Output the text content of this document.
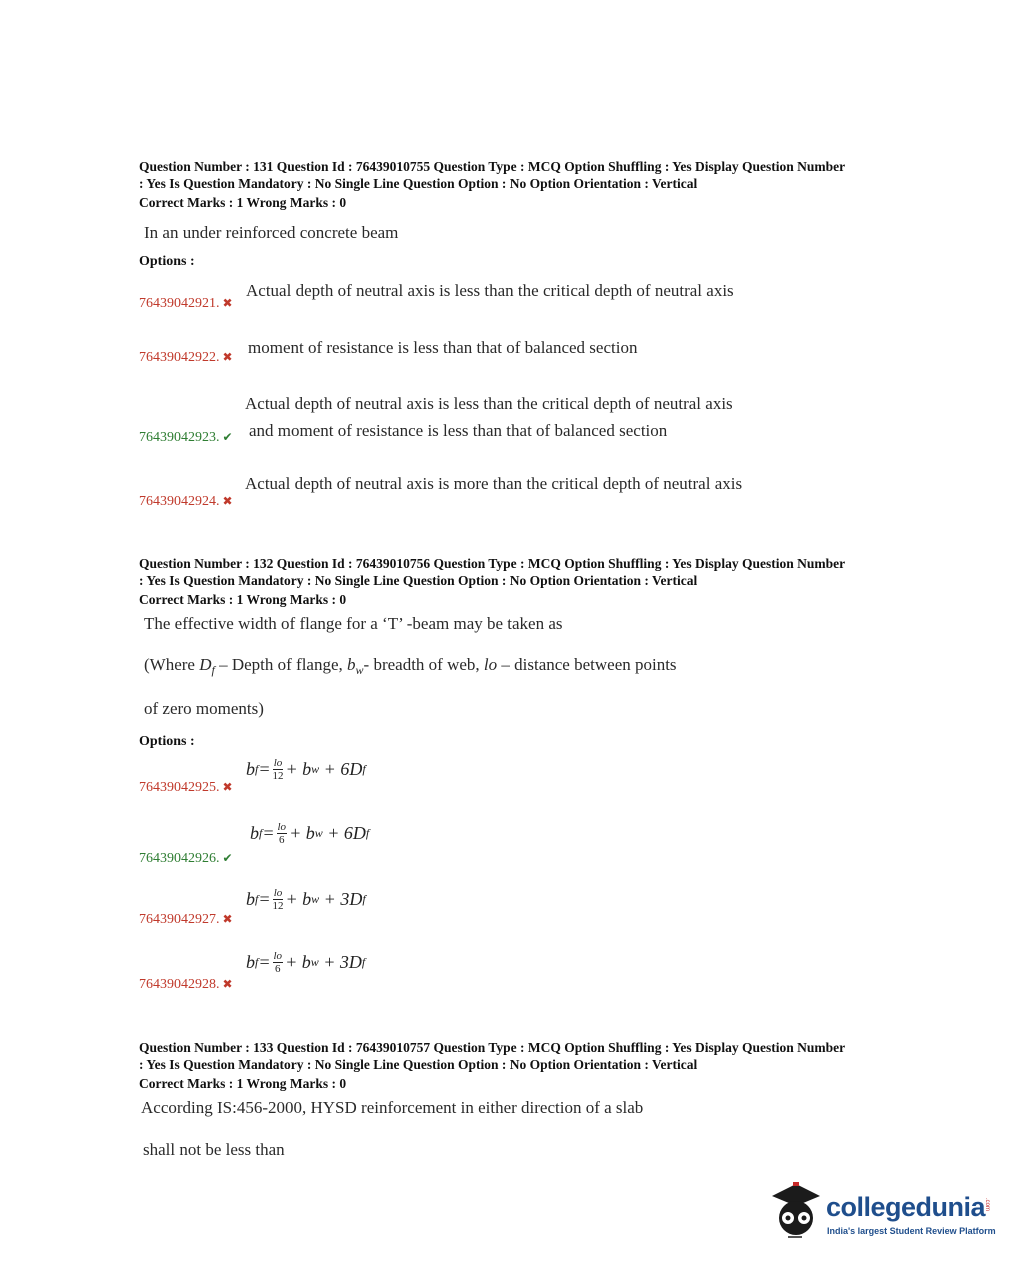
Question Number : 131 Question Id : 76439010755 Question Type : MCQ Option Shuffling : Yes Display Question Number
: Yes Is Question Mandatory : No Single Line Question Option : No Option Orientation : Vertical
Correct Marks : 1 Wrong Marks : 0
In an under reinforced concrete beam
Options :
76439042921. ✖
Actual depth of neutral axis is less than the critical depth of neutral axis
76439042922. ✖ moment of resistance is less than that of balanced section
76439042923. ✔
Actual depth of neutral axis is less than the critical depth of neutral axis
and moment of resistance is less than that of balanced section
76439042924. ✖
Actual depth of neutral axis is more than the critical depth of neutral axis
Question Number : 132 Question Id : 76439010756 Question Type : MCQ Option Shuffling : Yes Display Question Number
: Yes Is Question Mandatory : No Single Line Question Option : No Option Orientation : Vertical
Correct Marks : 1 Wrong Marks : 0
The effective width of flange for a ‘T’ -beam may be taken as
(Where $D_f$ – Depth of flange, $b_w-$ breadth of web, lo – distance between points
of zero moments)
Options :
76439042925. ✖
b $f = \frac{lo}{12} + b$ w + 6 D f
76439042926. ✔
b $f = \frac{lo}{6} + b$ w + 6 D f
76439042927. ✖
b $f = \frac{lo}{12} + b$ w + 3 D f
76439042928. ✖
b $f = \frac{lo}{6} + b$ w + 3 D f
Question Number : 133 Question Id : 76439010757 Question Type : MCQ Option Shuffling : Yes Display Question Number
: Yes Is Question Mandatory : No Single Line Question Option : No Option Orientation : Vertical
Correct Marks : 1 Wrong Marks : 0
According IS:456-2000, HYSD reinforcement in either direction of a slab
shall not be less than
collegedunia
.com
India's largest Student Review Platform
